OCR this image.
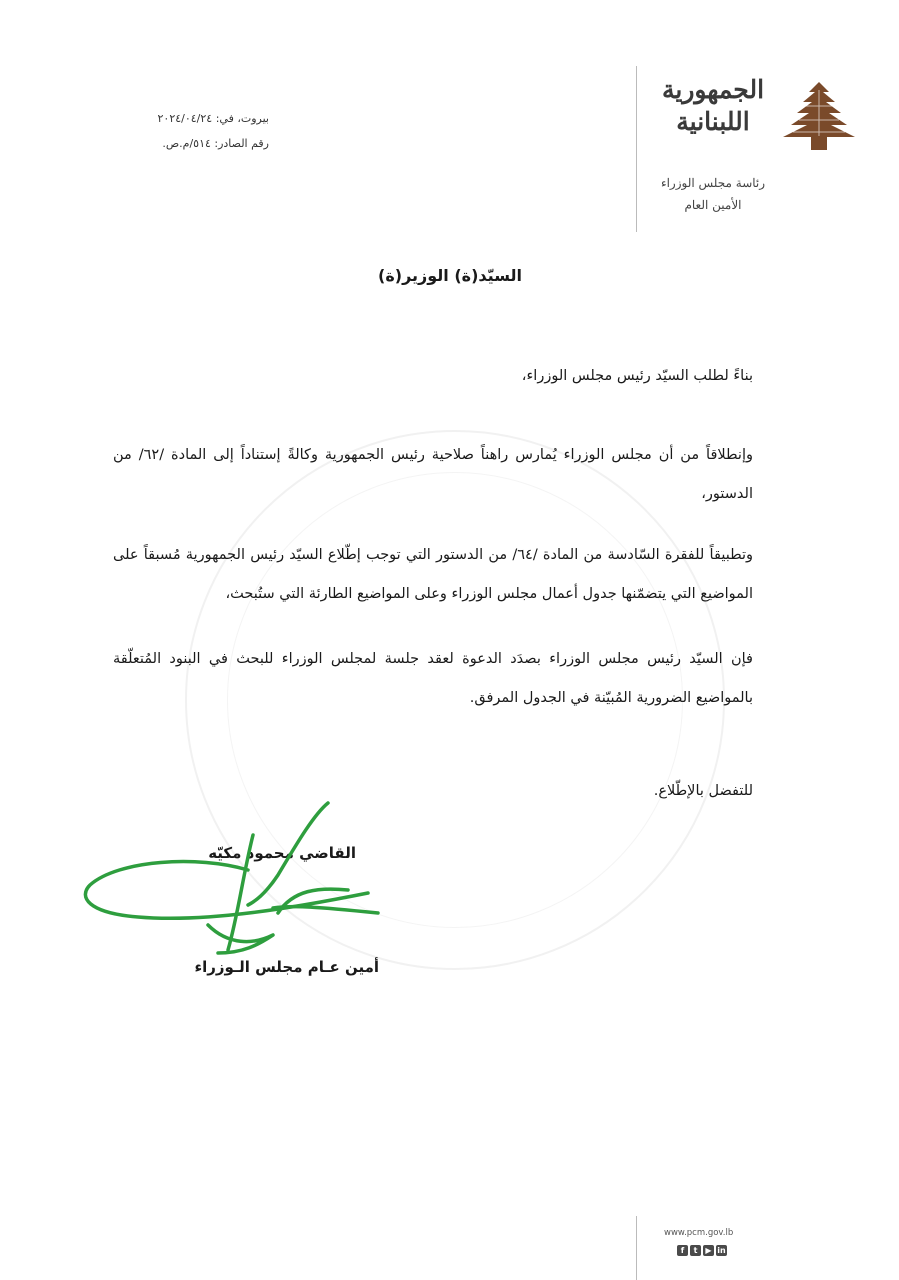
الجمهورية
اللبنانية
رئاسة مجلس الوزراء
الأمين العام
بيروت، في: ٢٠٢٤/٠٤/٢٤
رقم الصادر: ٥١٤/م.ص.
السيّد(ة) الوزير(ة)
بناءً لطلب السيّد رئيس مجلس الوزراء،
وإنطلاقاً من أن مجلس الوزراء يُمارس راهناً صلاحية رئيس الجمهورية وكالةً إستناداً إلى المادة /٦٢/ من الدستور،
وتطبيقاً للفقرة السّادسة من المادة /٦٤/ من الدستور التي توجب إطّلاع السيّد رئيس الجمهورية مُسبقاً على المواضيع التي يتضمّنها جدول أعمال مجلس الوزراء وعلى المواضيع الطارئة التي ستُبحث،
فإن السيّد رئيس مجلس الوزراء بصدَد الدعوة لعقد جلسة لمجلس الوزراء للبحث في البنود المُتعلّقة بالمواضيع الضرورية المُبيّنة في الجدول المرفق.
للتفضل بالإطّلاع.
القاضي محمود مكيّه
أمين عـام مجلس الـوزراء
www.pcm.gov.lb
f	t	▶ in
